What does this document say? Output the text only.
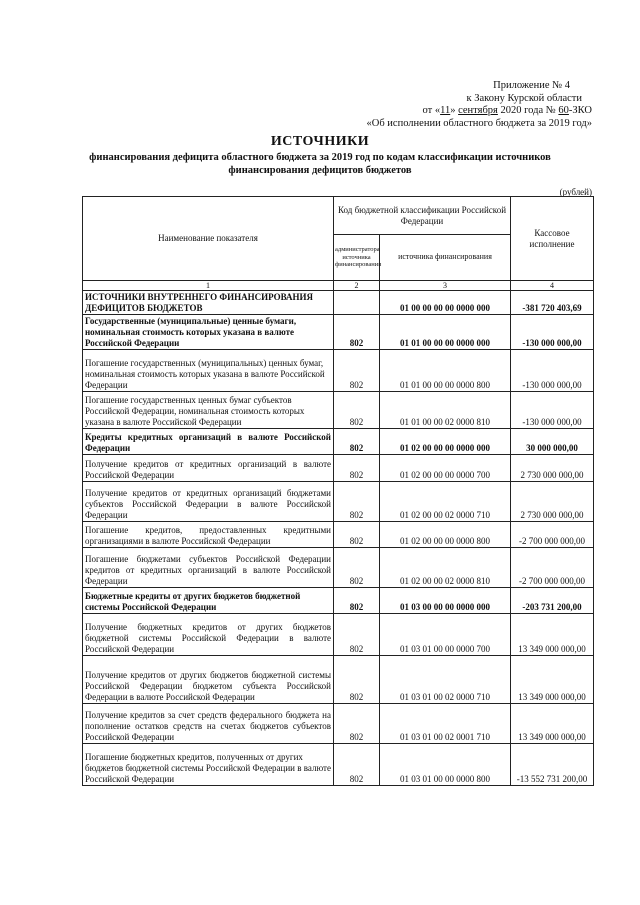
Приложение № 4
к Закону Курской области
от «11» сентября 2020 года № 60-ЗКО
«Об исполнении областного бюджета за 2019 год»
ИСТОЧНИКИ
финансирования дефицита областного бюджета за 2019 год по кодам классификации источников
финансирования дефицитов бюджетов
(рублей)
Наименование показателя	Код бюджетной классификации Российской Федерации		Кассовое исполнение
	администратора источника финансирования	источника финансирования	
1	2	3	4
ИСТОЧНИКИ ВНУТРЕННЕГО ФИНАНСИРОВАНИЯ ДЕФИЦИТОВ БЮДЖЕТОВ		01 00 00 00 00 0000 000	-381 720 403,69
Государственные (муниципальные) ценные бумаги, номинальная стоимость которых указана в валюте Российской Федерации	802	01 01 00 00 00 0000 000	-130 000 000,00
Погашение государственных (муниципальных) ценных бумаг, номинальная стоимость которых указана в валюте Российской Федерации	802	01 01 00 00 00 0000 800	-130 000 000,00
Погашение государственных ценных бумаг субъектов Российской Федерации, номинальная стоимость которых указана в валюте Российской Федерации	802	01 01 00 00 02 0000 810	-130 000 000,00
Кредиты кредитных организаций в валюте Российской Федерации	802	01 02 00 00 00 0000 000	30 000 000,00
Получение кредитов от кредитных организаций в валюте Российской Федерации	802	01 02 00 00 00 0000 700	2 730 000 000,00
Получение кредитов от кредитных организаций бюджетами субъектов Российской Федерации в валюте Российской Федерации	802	01 02 00 00 02 0000 710	2 730 000 000,00
Погашение кредитов, предоставленных кредитными организациями в валюте Российской Федерации	802	01 02 00 00 00 0000 800	-2 700 000 000,00
Погашение бюджетами субъектов Российской Федерации кредитов от кредитных организаций в валюте Российской Федерации	802	01 02 00 00 02 0000 810	-2 700 000 000,00
Бюджетные кредиты от других бюджетов бюджетной системы Российской Федерации	802	01 03 00 00 00 0000 000	-203 731 200,00
Получение бюджетных кредитов от других бюджетов бюджетной системы Российской Федерации в валюте Российской Федерации	802	01 03 01 00 00 0000 700	13 349 000 000,00
Получение кредитов от других бюджетов бюджетной системы Российской Федерации бюджетом субъекта Российской Федерации в валюте Российской Федерации	802	01 03 01 00 02 0000 710	13 349 000 000,00
Получение кредитов за счет средств федерального бюджета на пополнение остатков средств на счетах бюджетов субъектов Российской Федерации	802	01 03 01 00 02 0001 710	13 349 000 000,00
Погашение бюджетных кредитов, полученных от других бюджетов бюджетной системы Российской Федерации в валюте Российской Федерации	802	01 03 01 00 00 0000 800	-13 552 731 200,00
